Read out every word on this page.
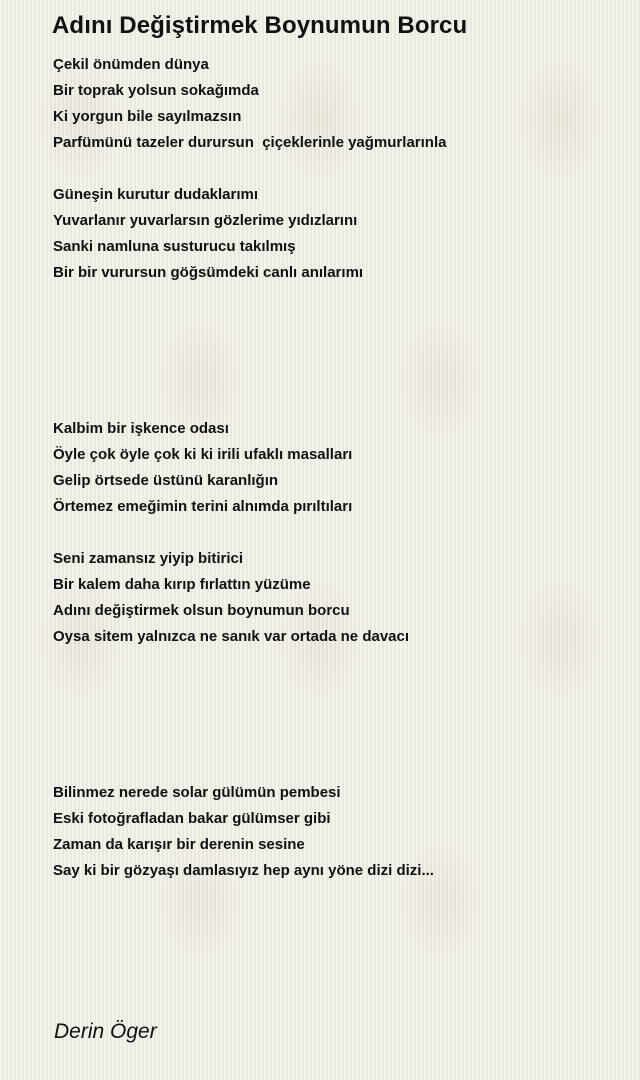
Adını Değiştirmek Boynumun Borcu
Çekil önümden dünya
Bir toprak yolsun sokağımda
Ki yorgun bile sayılmazsın
Parfümünü tazeler durursun  çiçeklerinle yağmurlarınla
Güneşin kurutur dudaklarımı
Yuvarlanır yuvarlarsın gözlerime yıdızlarını
Sanki namluna susturucu takılmış
Bir bir vurursun göğsümdeki canlı anılarımı
Kalbim bir işkence odası
Öyle çok öyle çok ki ki irili ufaklı masalları
Gelip örtsede üstünü karanlığın
Örtemez emeğimin terini alnımda pırıltıları
Seni zamansız yiyip bitirici
Bir kalem daha kırıp fırlattın yüzüme
Adını değiştirmek olsun boynumun borcu
Oysa sitem yalnızca ne sanık var ortada ne davacı
Bilinmez nerede solar gülümün pembesi
Eski fotoğrafladan bakar gülümser gibi
Zaman da karışır bir derenin sesine
Say ki bir gözyaşı damlasıyız hep aynı yöne dizi dizi...
Derin Öger
